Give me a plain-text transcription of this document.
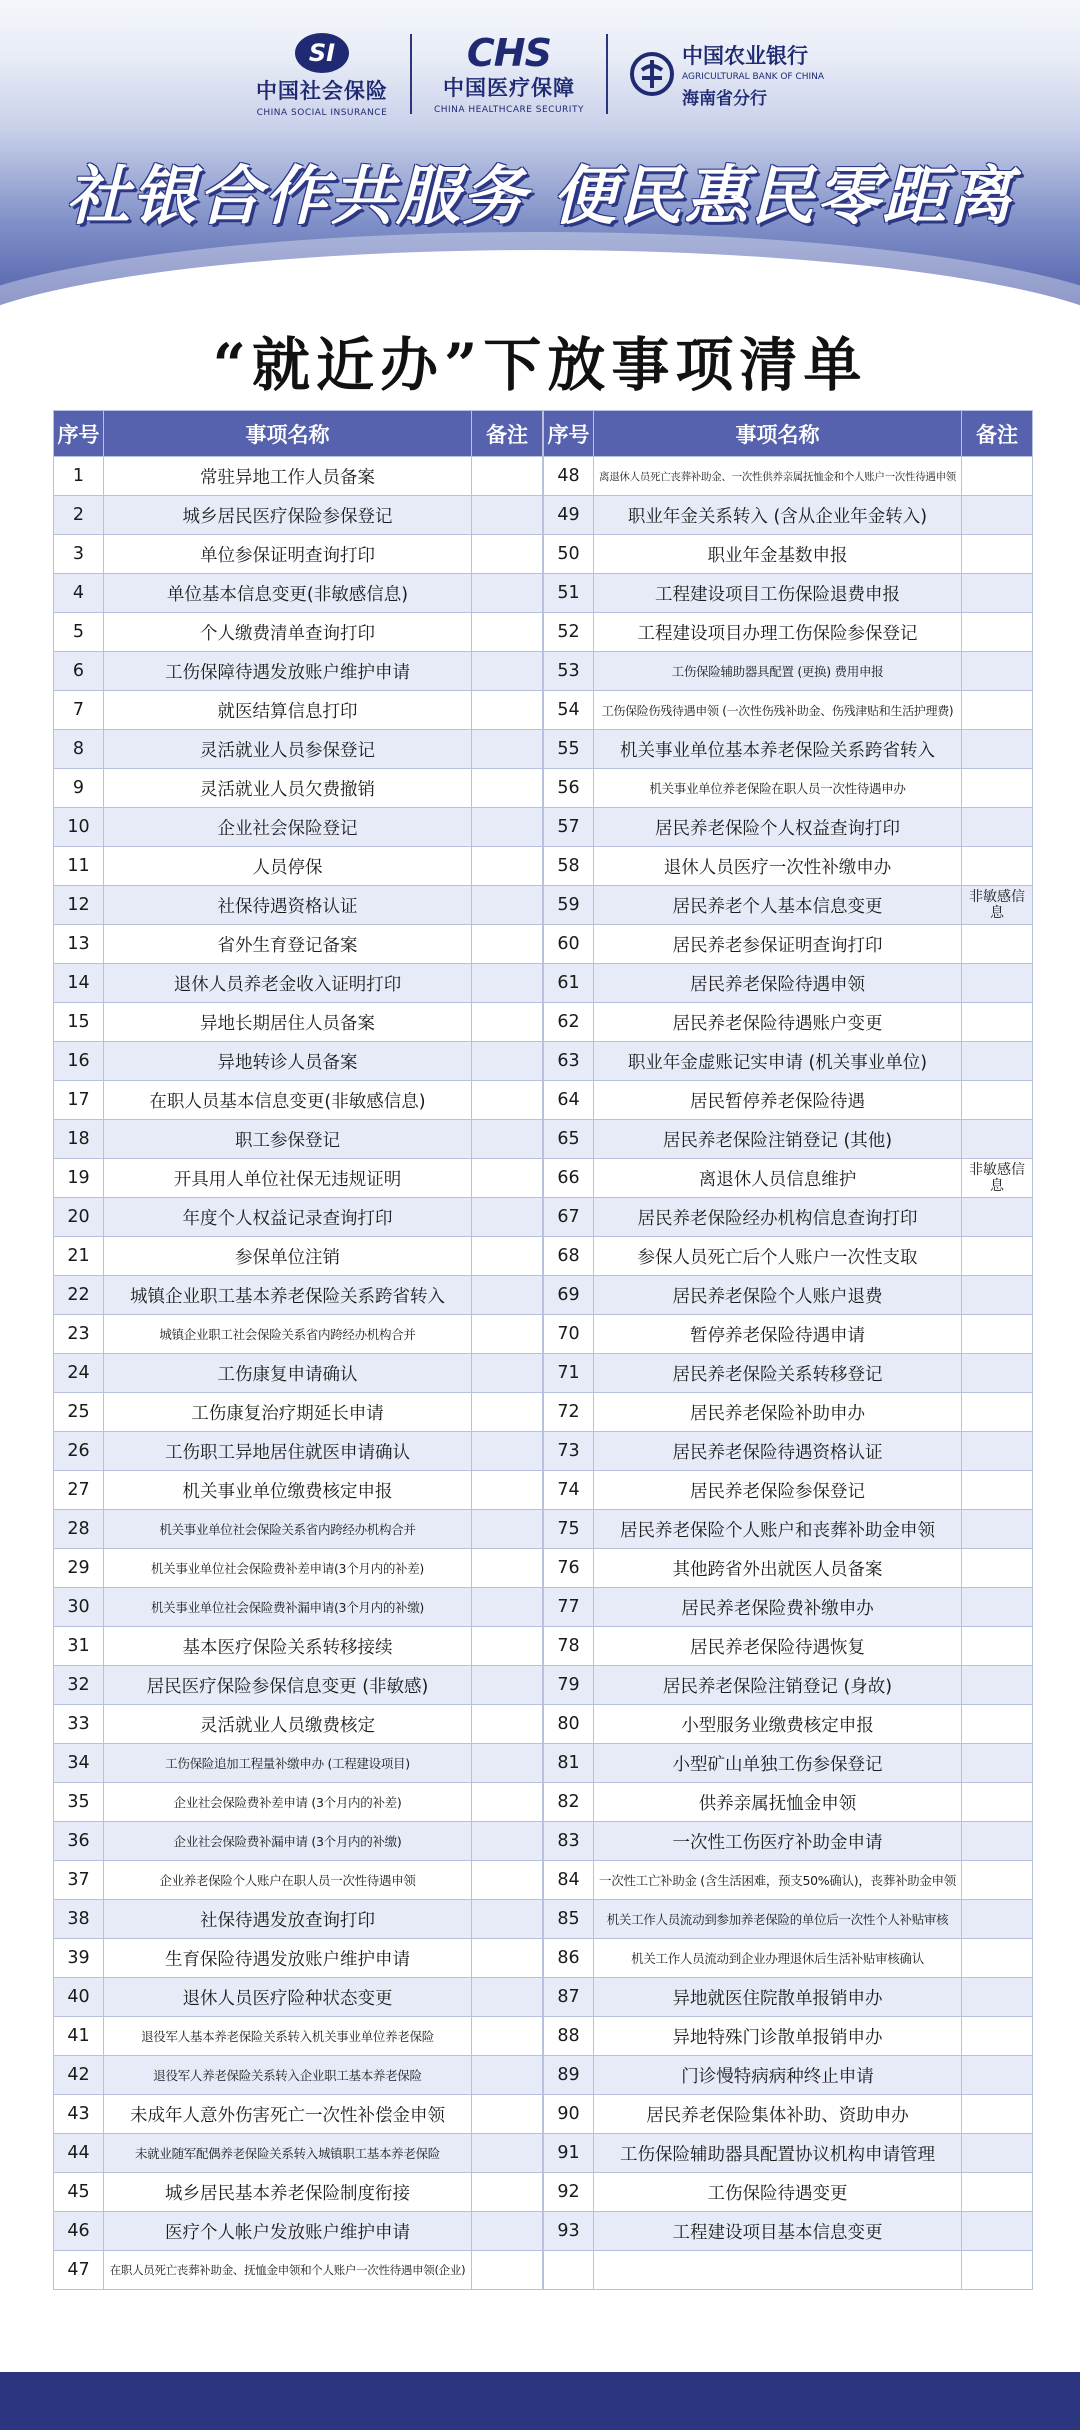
SI
中国社会保险
CHINA SOCIAL INSURANCE
CHS
中国医疗保障
CHINA HEALTHCARE SECURITY
中国农业银行
AGRICULTURAL BANK OF CHINA
海南省分行
社银合作共服务 便民惠民零距离
“就近办”下放事项清单
序号	事项名称	备注
1	常驻异地工作人员备案	
2	城乡居民医疗保险参保登记	
3	单位参保证明查询打印	
4	单位基本信息变更(非敏感信息)	
5	个人缴费清单查询打印	
6	工伤保障待遇发放账户维护申请	
7	就医结算信息打印	
8	灵活就业人员参保登记	
9	灵活就业人员欠费撤销	
10	企业社会保险登记	
11	人员停保	
12	社保待遇资格认证	
13	省外生育登记备案	
14	退休人员养老金收入证明打印	
15	异地长期居住人员备案	
16	异地转诊人员备案	
17	在职人员基本信息变更(非敏感信息)	
18	职工参保登记	
19	开具用人单位社保无违规证明	
20	年度个人权益记录查询打印	
21	参保单位注销	
22	城镇企业职工基本养老保险关系跨省转入	
23	城镇企业职工社会保险关系省内跨经办机构合并	
24	工伤康复申请确认	
25	工伤康复治疗期延长申请	
26	工伤职工异地居住就医申请确认	
27	机关事业单位缴费核定申报	
28	机关事业单位社会保险关系省内跨经办机构合并	
29	机关事业单位社会保险费补差申请(3个月内的补差)	
30	机关事业单位社会保险费补漏申请(3个月内的补缴)	
31	基本医疗保险关系转移接续	
32	居民医疗保险参保信息变更 (非敏感)	
33	灵活就业人员缴费核定	
34	工伤保险追加工程量补缴申办 (工程建设项目)	
35	企业社会保险费补差申请 (3个月内的补差)	
36	企业社会保险费补漏申请 (3个月内的补缴)	
37	企业养老保险个人账户在职人员一次性待遇申领	
38	社保待遇发放查询打印	
39	生育保险待遇发放账户维护申请	
40	退休人员医疗险种状态变更	
41	退役军人基本养老保险关系转入机关事业单位养老保险	
42	退役军人养老保险关系转入企业职工基本养老保险	
43	未成年人意外伤害死亡一次性补偿金申领	
44	未就业随军配偶养老保险关系转入城镇职工基本养老保险	
45	城乡居民基本养老保险制度衔接	
46	医疗个人帐户发放账户维护申请	
47	在职人员死亡丧葬补助金、抚恤金申领和个人账户一次性待遇申领(企业)	
序号	事项名称	备注
48	离退休人员死亡丧葬补助金、一次性供养亲属抚恤金和个人账户一次性待遇申领	
49	职业年金关系转入 (含从企业年金转入)	
50	职业年金基数申报	
51	工程建设项目工伤保险退费申报	
52	工程建设项目办理工伤保险参保登记	
53	工伤保险辅助器具配置 (更换) 费用申报	
54	工伤保险伤残待遇申领 (一次性伤残补助金、伤残津贴和生活护理费)	
55	机关事业单位基本养老保险关系跨省转入	
56	机关事业单位养老保险在职人员一次性待遇申办	
57	居民养老保险个人权益查询打印	
58	退休人员医疗一次性补缴申办	
59	居民养老个人基本信息变更	非敏感信息
60	居民养老参保证明查询打印	
61	居民养老保险待遇申领	
62	居民养老保险待遇账户变更	
63	职业年金虚账记实申请 (机关事业单位)	
64	居民暂停养老保险待遇	
65	居民养老保险注销登记 (其他)	
66	离退休人员信息维护	非敏感信息
67	居民养老保险经办机构信息查询打印	
68	参保人员死亡后个人账户一次性支取	
69	居民养老保险个人账户退费	
70	暂停养老保险待遇申请	
71	居民养老保险关系转移登记	
72	居民养老保险补助申办	
73	居民养老保险待遇资格认证	
74	居民养老保险参保登记	
75	居民养老保险个人账户和丧葬补助金申领	
76	其他跨省外出就医人员备案	
77	居民养老保险费补缴申办	
78	居民养老保险待遇恢复	
79	居民养老保险注销登记 (身故)	
80	小型服务业缴费核定申报	
81	小型矿山单独工伤参保登记	
82	供养亲属抚恤金申领	
83	一次性工伤医疗补助金申请	
84	一次性工亡补助金 (含生活困难，预支50%确认)，丧葬补助金申领	
85	机关工作人员流动到参加养老保险的单位后一次性个人补贴审核	
86	机关工作人员流动到企业办理退休后生活补贴审核确认	
87	异地就医住院散单报销申办	
88	异地特殊门诊散单报销申办	
89	门诊慢特病病种终止申请	
90	居民养老保险集体补助、资助申办	
91	工伤保险辅助器具配置协议机构申请管理	
92	工伤保险待遇变更	
93	工程建设项目基本信息变更	
